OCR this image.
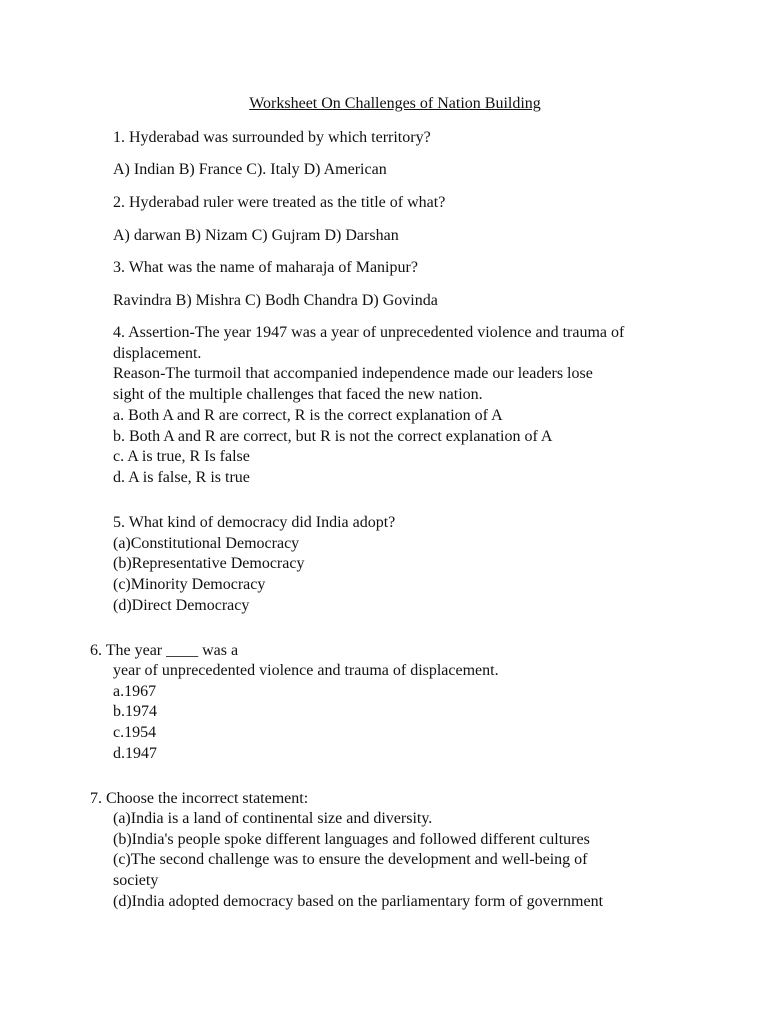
Worksheet On Challenges of Nation Building
1. Hyderabad was surrounded by which territory?
A) Indian B) France C). Italy D) American
2. Hyderabad ruler were treated as the title of what?
A) darwan B) Nizam C) Gujram D) Darshan
3. What was the name of maharaja of Manipur?
Ravindra B) Mishra C) Bodh Chandra D) Govinda
4. Assertion-The year 1947 was a year of unprecedented violence and trauma of
displacement.
Reason-The turmoil that accompanied independence made our leaders lose
sight of the multiple challenges that faced the new nation.
a. Both A and R are correct, R is the correct explanation of A
b. Both A and R are correct, but R is not the correct explanation of A
c. A is true, R Is false
d. A is false, R is true
5. What kind of democracy did India adopt?
(a)Constitutional Democracy
(b)Representative Democracy
(c)Minority Democracy
(d)Direct Democracy
6. The year ____ was a
year of unprecedented violence and trauma of displacement.
a.1967
b.1974
c.1954
d.1947
7. Choose the incorrect statement:
(a)India is a land of continental size and diversity.
(b)India's people spoke different languages and followed different cultures
(c)The second challenge was to ensure the development and well-being of
society
(d)India adopted democracy based on the parliamentary form of government
